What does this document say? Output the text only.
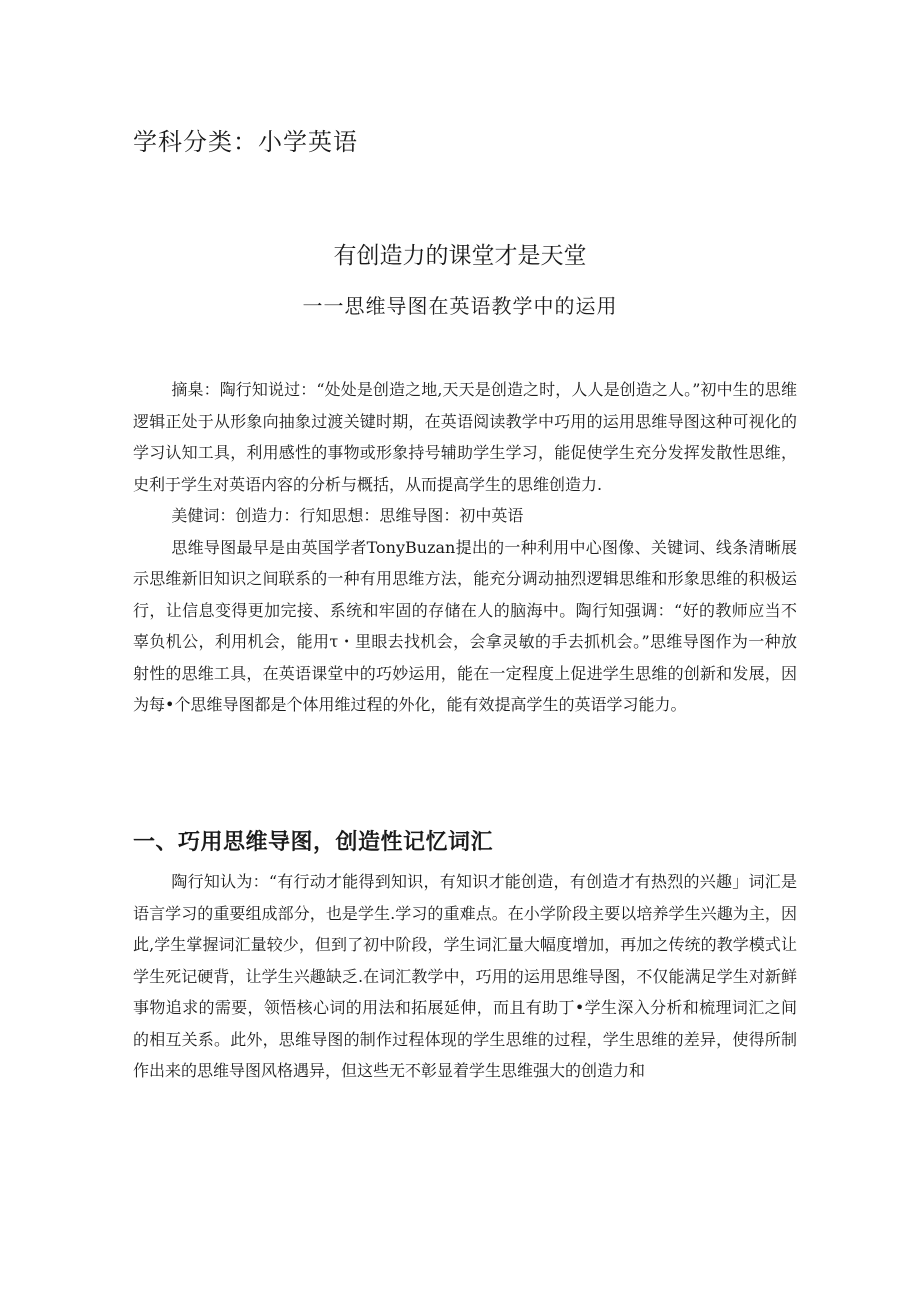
学科分类：小学英语
有创造力的课堂才是天堂
一一思维导图在英语教学中的运用

摘臬：陶行知说过：“处处是创造之地,天天是创造之时，人人是创造之人。”初中生的思维逻辑正处于从形象向抽象过渡关键时期，在英语阅读教学中巧用的运用思维导图这种可视化的学习认知工具，利用感性的事物或形象持号辅助学生学习，能促使学生充分发挥发散性思维，史利于学生对英语内容的分析与概括，从而提高学生的思维创造力.

美健词：创造力：行知思想：思维导图：初中英语

思维导图最早是由英国学者TonyBuzan提出的一种利用中心图像、关键词、线条清晰展示思维新旧知识之间联系的一种有用思维方法，能充分调动抽烈逻辑思维和形象思维的积极运行，让信息变得更加完接、系统和牢固的存储在人的脑海中。陶行知强调：“好的教师应当不辜负机公，利用机会，能用τ・里眼去找机会，会拿灵敏的手去抓机会。”思维导图作为一种放射性的思维工具，在英语课堂中的巧妙运用，能在一定程度上促进学生思维的创新和发展，因为每•个思维导图都是个体用维过程的外化，能有效提高学生的英语学习能力。

一、巧用思维导图，创造性记忆词汇

陶行知认为：“有行动才能得到知识，有知识才能创造，有创造才有热烈的兴趣」词汇是语言学习的重要组成部分，也是学生.学习的重难点。在小学阶段主要以培养学生兴趣为主，因此,学生掌握词汇量较少，但到了初中阶段，学生词汇量大幅度增加，再加之传统的教学模式让学生死记硬背，让学生兴趣缺乏.在词汇教学中，巧用的运用思维导图，不仅能满足学生对新鲜事物追求的需要，领悟核心词的用法和拓展延伸，而且有助丁•学生深入分析和梳理词汇之间的相互关系。此外，思维导图的制作过程体现的学生思维的过程，学生思维的差异，使得所制作出来的思维导图风格遇异，但这些无不彰显着学生思维强大的创造力和
